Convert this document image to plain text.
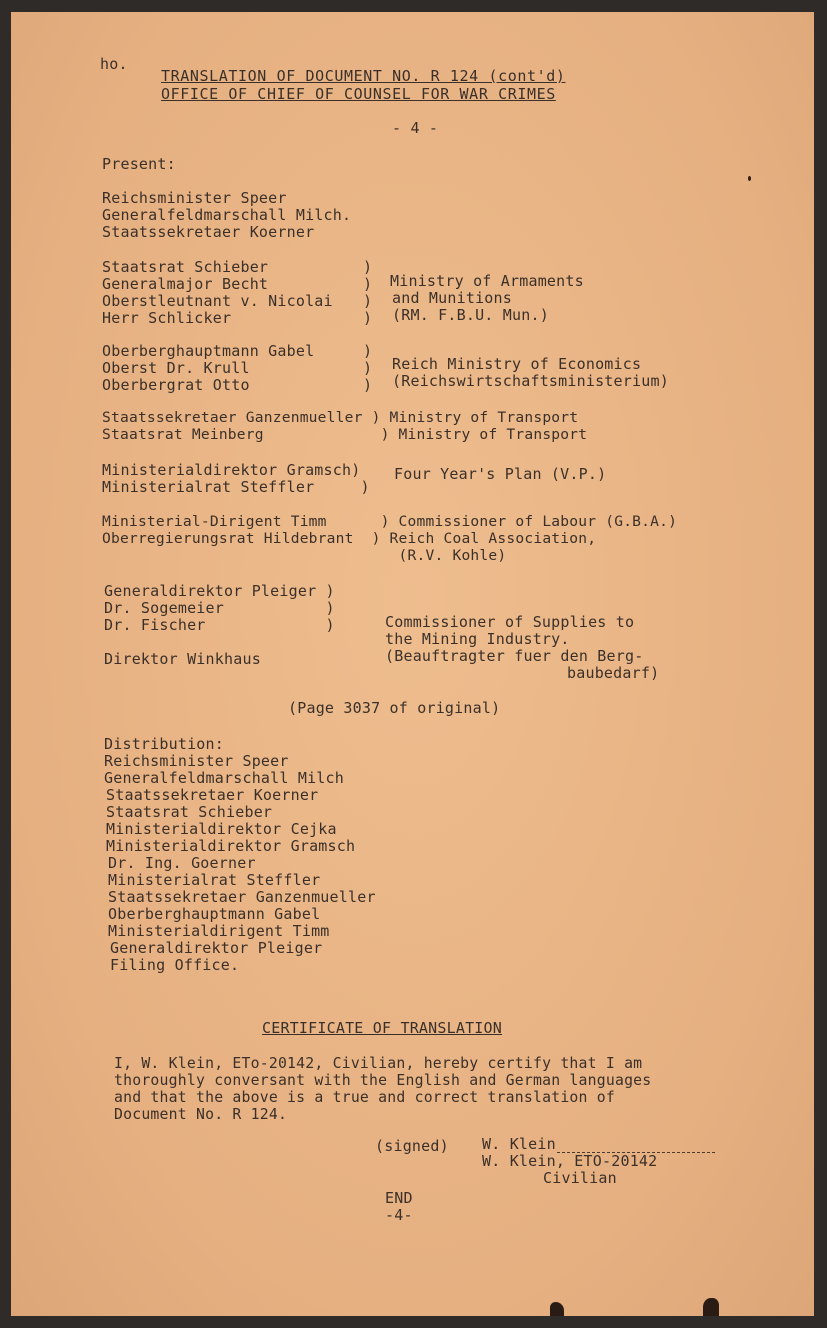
ho.
TRANSLATION OF DOCUMENT NO. R 124 (cont'd)
OFFICE OF CHIEF OF COUNSEL FOR WAR CRIMES
- 4 -
Present:
Reichsminister Speer
Generalfeldmarschall Milch.
Staatssekretaer Koerner
Staatsrat Schieber
Generalmajor Becht
Oberstleutnant v. Nicolai
Herr Schlicker
)
)
)
)
Ministry of Armaments
and Munitions
(RM. F.B.U. Mun.)
Oberberghauptmann Gabel
Oberst Dr. Krull
Oberbergrat Otto
)
)
)
Reich Ministry of Economics
(Reichswirtschaftsministerium)
Staatssekretaer Ganzenmueller ) Ministry of Transport
Staatsrat Meinberg             ) Ministry of Transport
Ministerialdirektor Gramsch)
Ministerialrat Steffler     )
Four Year's Plan (V.P.)
Ministerial-Dirigent Timm      ) Commissioner of Labour (G.B.A.)
Oberregierungsrat Hildebrant  ) Reich Coal Association,
(R.V. Kohle)
Generaldirektor Pleiger )
Dr. Sogemeier           )
Dr. Fischer             )
Direktor Winkhaus
Commissioner of Supplies to
the Mining Industry.
(Beauftragter fuer den Berg-
baubedarf)
(Page 3037 of original)
Distribution:
Reichsminister Speer
Generalfeldmarschall Milch
Staatssekretaer Koerner
Staatsrat Schieber
Ministerialdirektor Cejka
Ministerialdirektor Gramsch
Dr. Ing. Goerner
Ministerialrat Steffler
Staatssekretaer Ganzenmueller
Oberberghauptmann Gabel
Ministerialdirigent Timm
Generaldirektor Pleiger
Filing Office.
CERTIFICATE OF TRANSLATION
I, W. Klein, ETo-20142, Civilian, hereby certify that I am
thoroughly conversant with the English and German languages
and that the above is a true and correct translation of
Document No. R 124.
(signed) W. Klein
W. Klein, ETO-20142
Civilian
END
-4-
